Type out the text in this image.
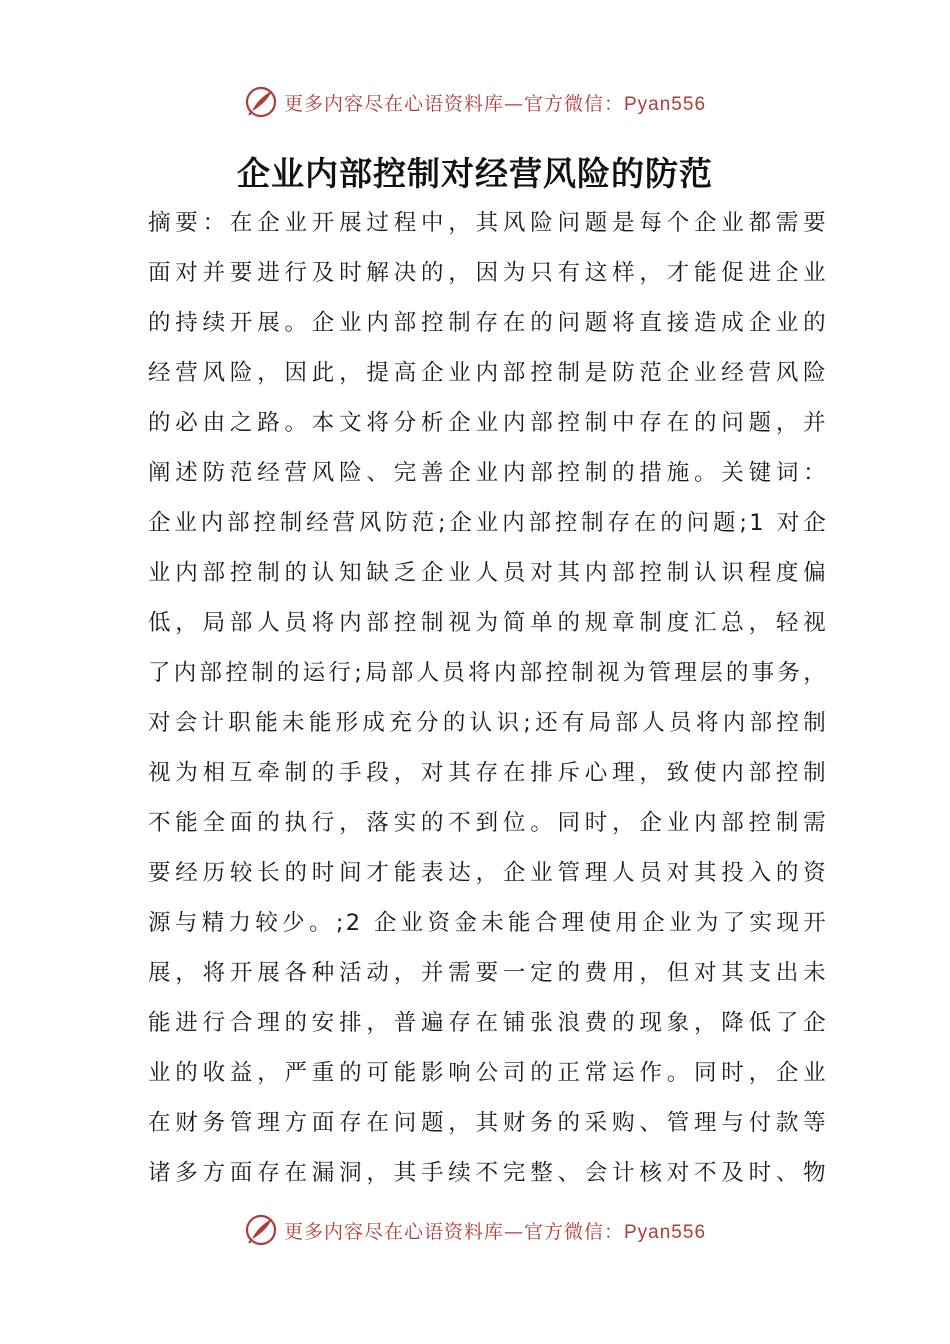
更多内容尽在心语资料库—官方微信：Pyan556
企业内部控制对经营风险的防范
摘要：在企业开展过程中，其风险问题是每个企业都需要
面对并要进行及时解决的，因为只有这样，才能促进企业
的持续开展。企业内部控制存在的问题将直接造成企业的
经营风险，因此，提高企业内部控制是防范企业经营风险
的必由之路。本文将分析企业内部控制中存在的问题，并
阐述防范经营风险、完善企业内部控制的措施。关键词：
企业内部控制经营风防范;企业内部控制存在的问题;1 对企
业内部控制的认知缺乏企业人员对其内部控制认识程度偏
低，局部人员将内部控制视为简单的规章制度汇总，轻视
了内部控制的运行;局部人员将内部控制视为管理层的事务，
对会计职能未能形成充分的认识;还有局部人员将内部控制
视为相互牵制的手段，对其存在排斥心理，致使内部控制
不能全面的执行，落实的不到位。同时，企业内部控制需
要经历较长的时间才能表达，企业管理人员对其投入的资
源与精力较少。;2 企业资金未能合理使用企业为了实现开
展，将开展各种活动，并需要一定的费用，但对其支出未
能进行合理的安排，普遍存在铺张浪费的现象，降低了企
业的收益，严重的可能影响公司的正常运作。同时，企业
在财务管理方面存在问题，其财务的采购、管理与付款等
诸多方面存在漏洞，其手续不完整、会计核对不及时、物
更多内容尽在心语资料库—官方微信：Pyan556
